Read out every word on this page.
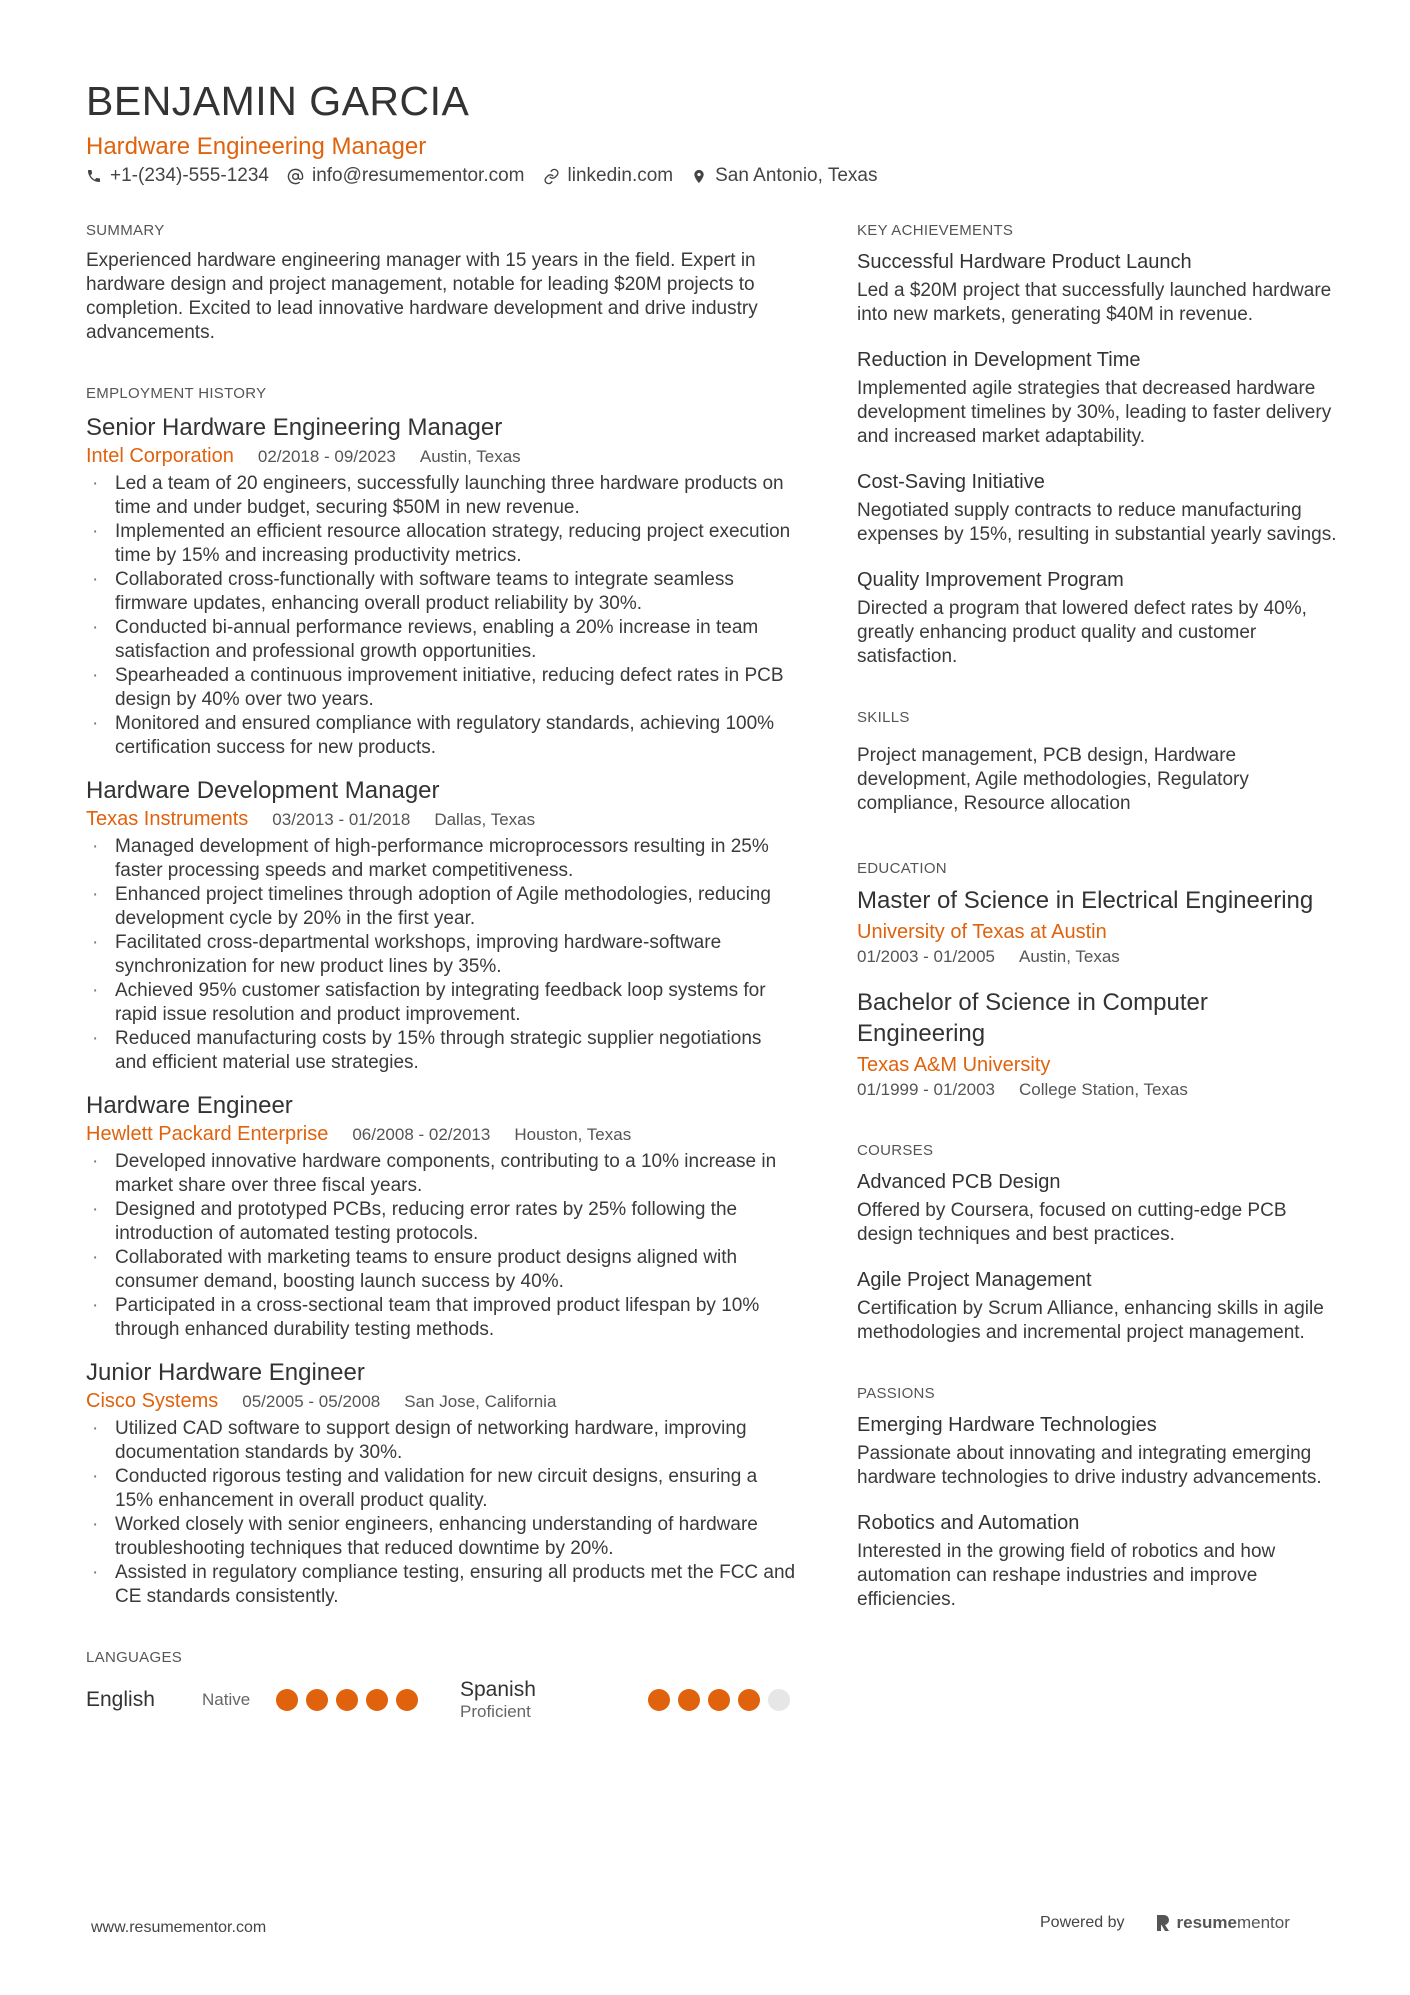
BENJAMIN GARCIA
Hardware Engineering Manager
+1-(234)-555-1234 info@resumementor.com linkedin.com San Antonio, Texas
SUMMARY

Experienced hardware engineering manager with 15 years in the field. Expert in hardware design and project management, notable for leading $20M projects to completion. Excited to lead innovative hardware development and drive industry advancements.

EMPLOYMENT HISTORY
Senior Hardware Engineering Manager
Intel Corporation 02/2018 - 09/2023 Austin, Texas
· Led a team of 20 engineers, successfully launching three hardware products on time and under budget, securing $50M in new revenue.
· Implemented an efficient resource allocation strategy, reducing project execution time by 15% and increasing productivity metrics.
· Collaborated cross-functionally with software teams to integrate seamless firmware updates, enhancing overall product reliability by 30%.
· Conducted bi-annual performance reviews, enabling a 20% increase in team satisfaction and professional growth opportunities.
· Spearheaded a continuous improvement initiative, reducing defect rates in PCB design by 40% over two years.
· Monitored and ensured compliance with regulatory standards, achieving 100% certification success for new products.
Hardware Development Manager
Texas Instruments 03/2013 - 01/2018 Dallas, Texas
· Managed development of high-performance microprocessors resulting in 25% faster processing speeds and market competitiveness.
· Enhanced project timelines through adoption of Agile methodologies, reducing development cycle by 20% in the first year.
· Facilitated cross-departmental workshops, improving hardware-software synchronization for new product lines by 35%.
· Achieved 95% customer satisfaction by integrating feedback loop systems for rapid issue resolution and product improvement.
· Reduced manufacturing costs by 15% through strategic supplier negotiations and efficient material use strategies.
Hardware Engineer
Hewlett Packard Enterprise 06/2008 - 02/2013 Houston, Texas
· Developed innovative hardware components, contributing to a 10% increase in market share over three fiscal years.
· Designed and prototyped PCBs, reducing error rates by 25% following the introduction of automated testing protocols.
· Collaborated with marketing teams to ensure product designs aligned with consumer demand, boosting launch success by 40%.
· Participated in a cross-sectional team that improved product lifespan by 10% through enhanced durability testing methods.
Junior Hardware Engineer
Cisco Systems 05/2005 - 05/2008 San Jose, California
· Utilized CAD software to support design of networking hardware, improving documentation standards by 30%.
· Conducted rigorous testing and validation for new circuit designs, ensuring a 15% enhancement in overall product quality.
· Worked closely with senior engineers, enhancing understanding of hardware troubleshooting techniques that reduced downtime by 20%.
· Assisted in regulatory compliance testing, ensuring all products met the FCC and CE standards consistently.
LANGUAGES
English	Native	Spanish
Proficient
KEY ACHIEVEMENTS
Successful Hardware Product Launch

Led a $20M project that successfully launched hardware into new markets, generating $40M in revenue.

Reduction in Development Time

Implemented agile strategies that decreased hardware development timelines by 30%, leading to faster delivery and increased market adaptability.

Cost-Saving Initiative

Negotiated supply contracts to reduce manufacturing expenses by 15%, resulting in substantial yearly savings.

Quality Improvement Program

Directed a program that lowered defect rates by 40%, greatly enhancing product quality and customer satisfaction.

SKILLS

Project management, PCB design, Hardware development, Agile methodologies, Regulatory compliance, Resource allocation

EDUCATION
Master of Science in Electrical Engineering
University of Texas at Austin
01/2003 - 01/2005 Austin, Texas
Bachelor of Science in Computer Engineering
Texas A&M University
01/1999 - 01/2003 College Station, Texas
COURSES
Advanced PCB Design

Offered by Coursera, focused on cutting-edge PCB design techniques and best practices.

Agile Project Management

Certification by Scrum Alliance, enhancing skills in agile methodologies and incremental project management.

PASSIONS
Emerging Hardware Technologies

Passionate about innovating and integrating emerging hardware technologies to drive industry advancements.

Robotics and Automation

Interested in the growing field of robotics and how automation can reshape industries and improve efficiencies.

www.resumementor.com	Powered by	resume mentor
